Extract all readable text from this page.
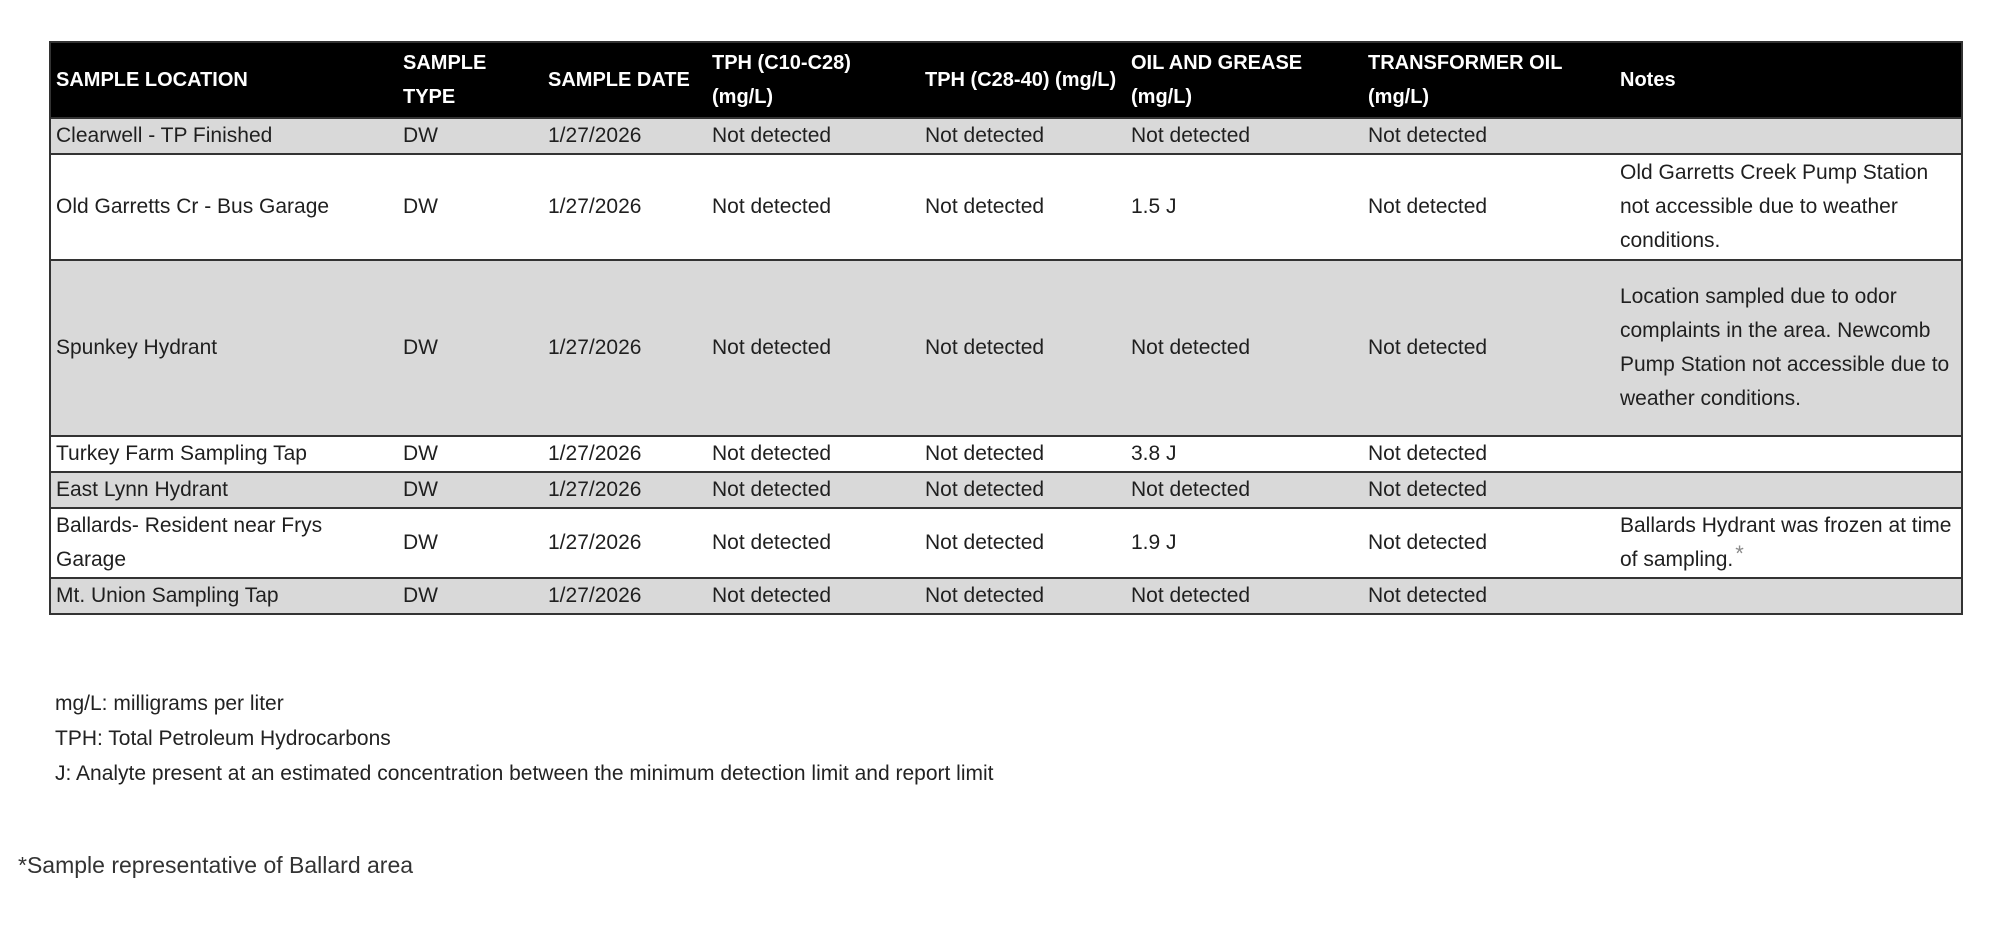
SAMPLE LOCATION	SAMPLE TYPE	SAMPLE DATE	TPH (C10-C28) (mg/L)	TPH (C28-40) (mg/L)	OIL AND GREASE (mg/L)	TRANSFORMER OIL (mg/L)	Notes
Clearwell - TP Finished	DW	1/27/2026	Not detected	Not detected	Not detected	Not detected	
Old Garretts Cr - Bus Garage	DW	1/27/2026	Not detected	Not detected	1.5 J	Not detected	Old Garretts Creek Pump Station not accessible due to weather conditions.
Spunkey Hydrant	DW	1/27/2026	Not detected	Not detected	Not detected	Not detected	Location sampled due to odor complaints in the area. Newcomb Pump Station not accessible due to weather conditions.
Turkey Farm Sampling Tap	DW	1/27/2026	Not detected	Not detected	3.8 J	Not detected	
East Lynn Hydrant	DW	1/27/2026	Not detected	Not detected	Not detected	Not detected	
Ballards- Resident near Frys Garage	DW	1/27/2026	Not detected	Not detected	1.9 J	Not detected	Ballards Hydrant was frozen at time of sampling.*
Mt. Union Sampling Tap	DW	1/27/2026	Not detected	Not detected	Not detected	Not detected	
mg/L: milligrams per liter
TPH: Total Petroleum Hydrocarbons
J: Analyte present at an estimated concentration between the minimum detection limit and report limit
*Sample representative of Ballard area
